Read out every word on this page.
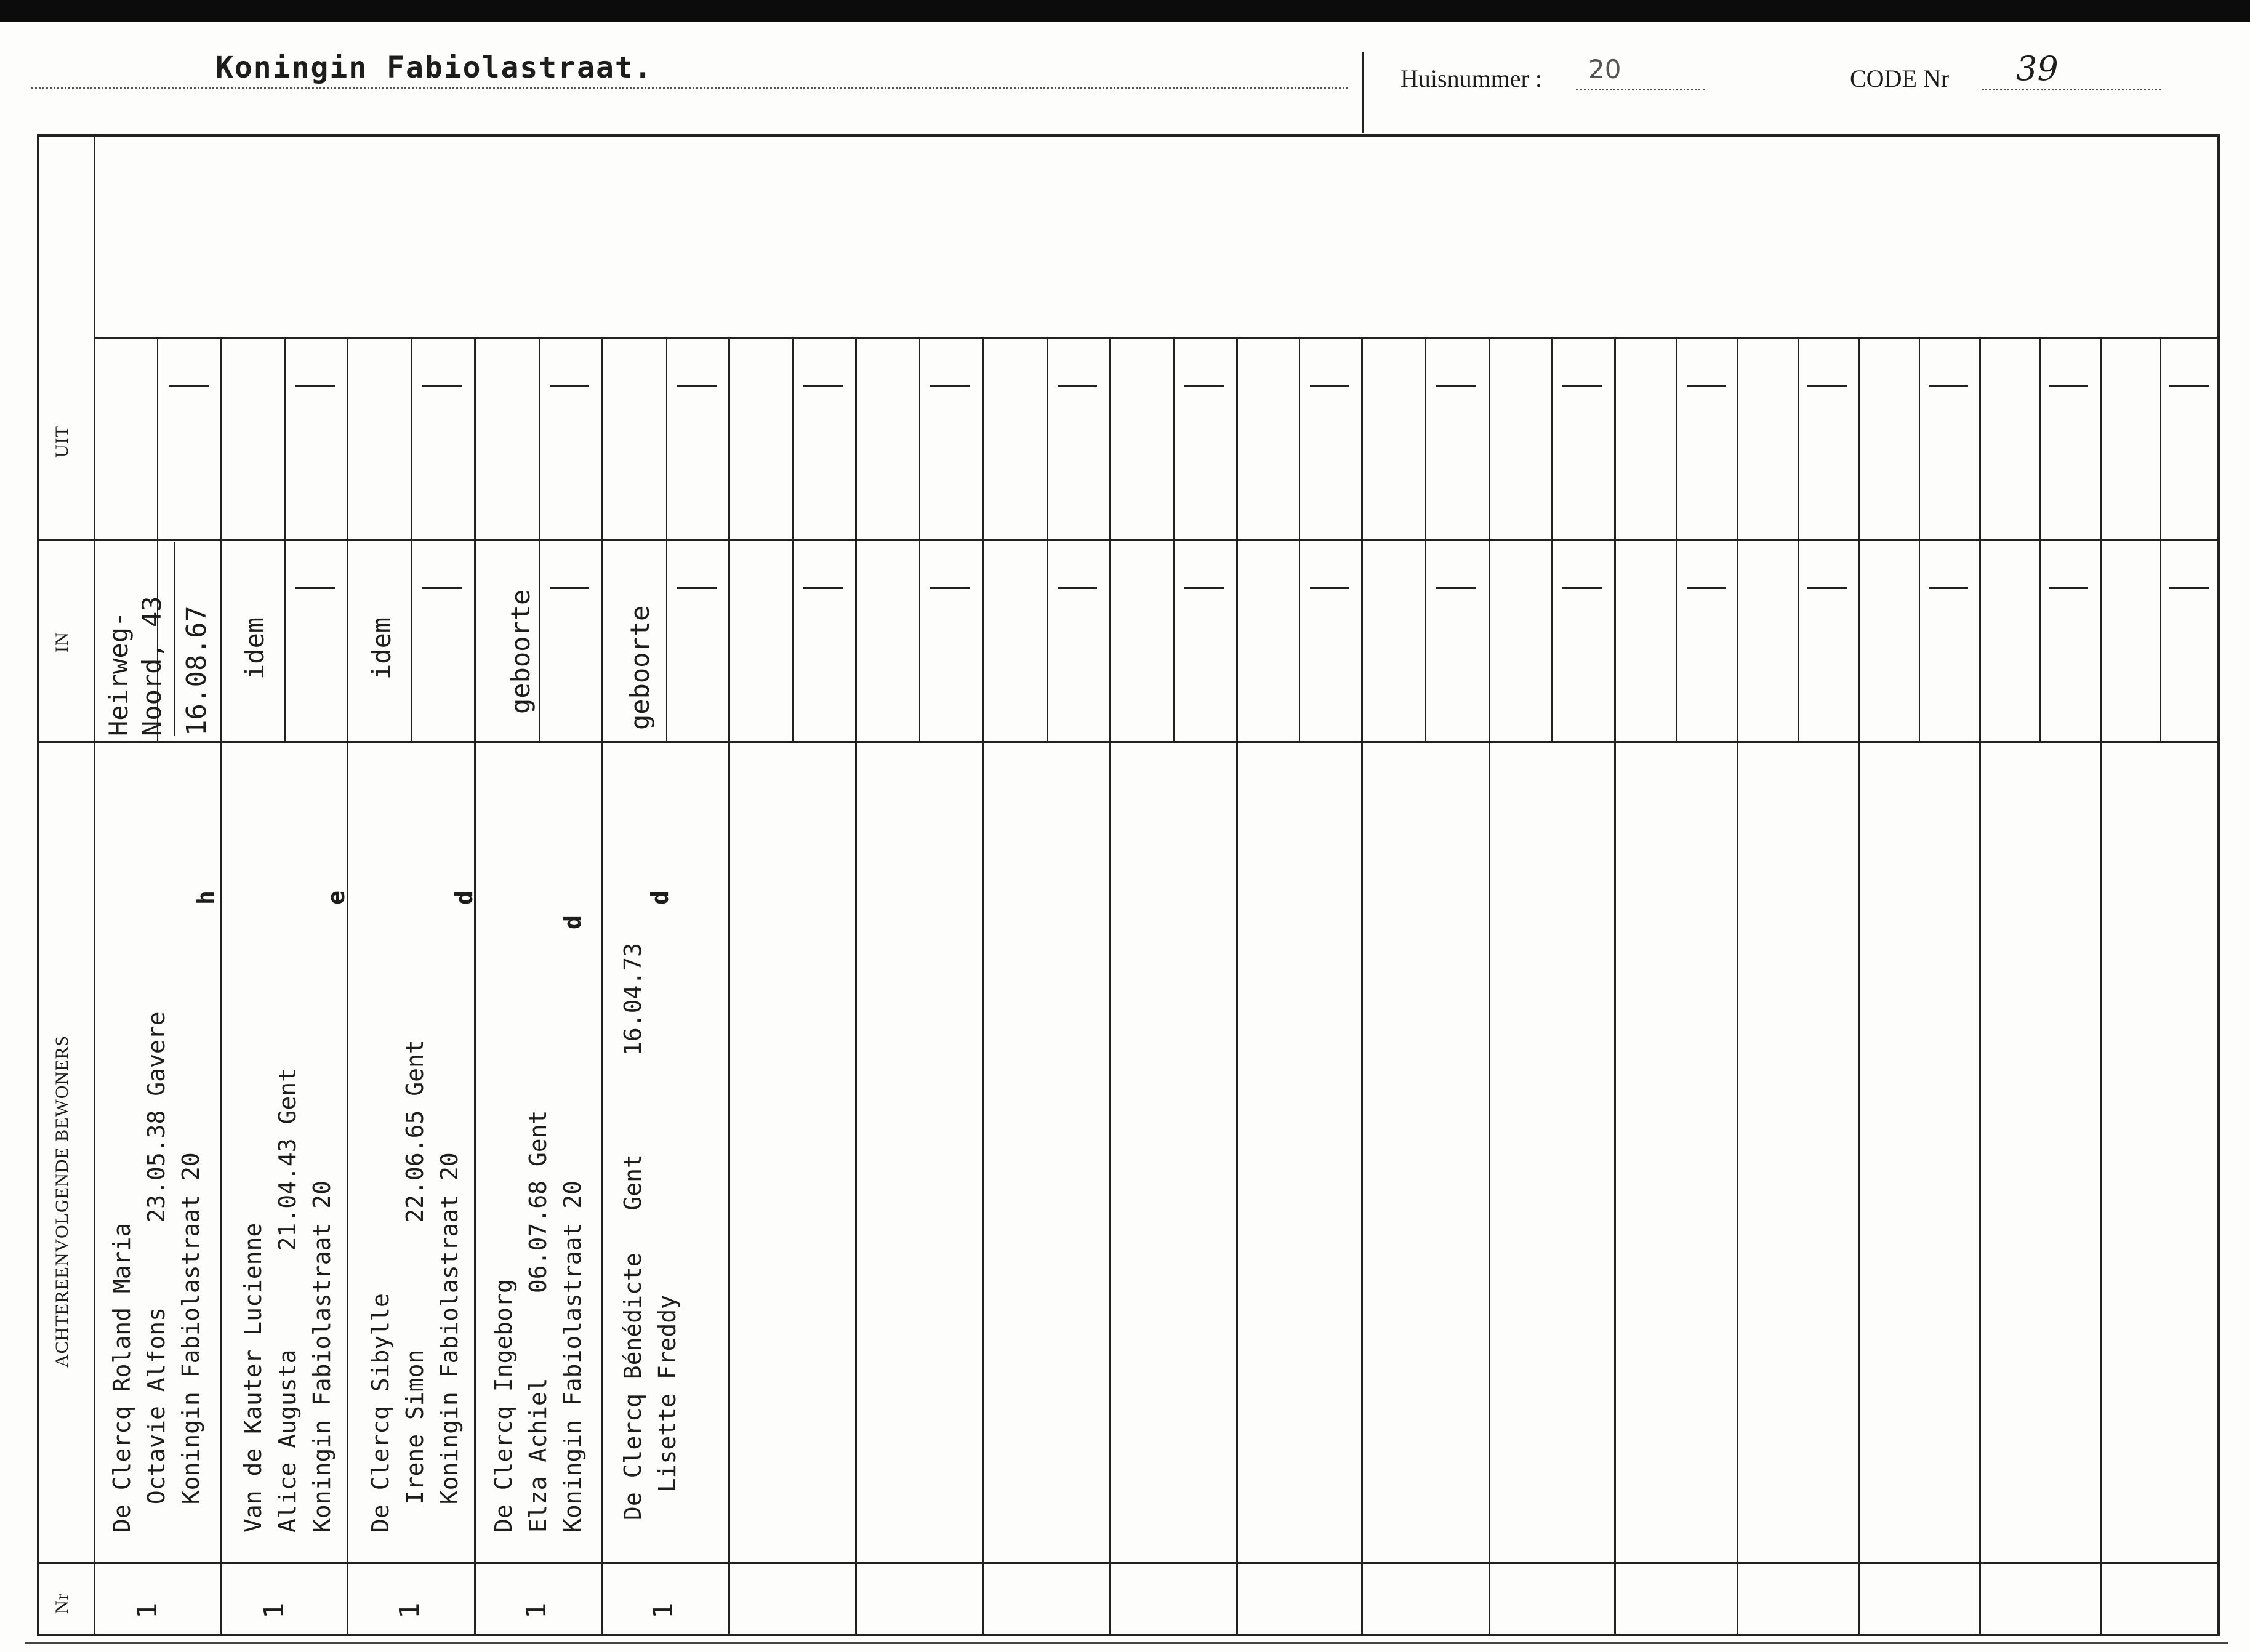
Koningin Fabiolastraat.	Huisnummer : 20	CODE Nr 39
UIT
IN
ACHTEREENVOLGENDE BEWONERS
Nr
Heirweg- Noord, 43 16.08.67
De Clercq Roland Maria Octavie Alfons      23.05.38 Gavere Koningin Fabiolastraat 20
h
1
idem
Van de Kauter Lucienne Alice Augusta       21.04.43 Gent Koningin Fabiolastraat 20
e
1
idem
De Clercq Sibylle Irene Simon         22.06.65 Gent Koningin Fabiolastraat 20
d
1
geboorte
De Clercq Ingeborg Elza Achiel      06.07.68 Gent Koningin Fabiolastraat 20
d
1
geboorte
De Clercq Bénédicte   Gent       16.04.73 Lisette Freddy
d
1
